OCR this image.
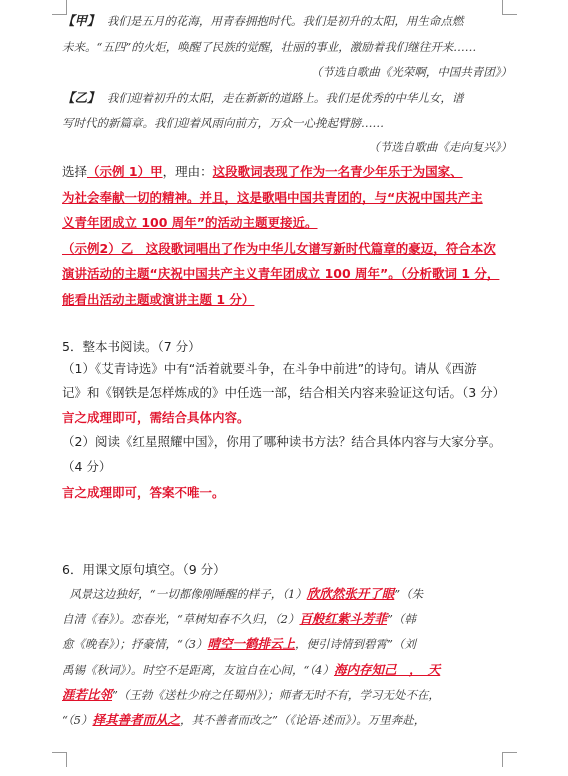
【甲】 我们是五月的花海，用青春拥抱时代。我们是初升的太阳，用生命点燃
未来。“五四”的火炬，唤醒了民族的觉醒，壮丽的事业，激励着我们继往开来……
（节选自歌曲《光荣啊，中国共青团》）
【乙】 我们迎着初升的太阳，走在新新的道路上。我们是优秀的中华儿女，谱
写时代的新篇章。我们迎着风雨向前方，万众一心挽起臂膀……
（节选自歌曲《走向复兴》）
选择（示例 1）甲，理由：这段歌词表现了作为一名青少年乐于为国家、
为社会奉献一切的精神。并且，这是歌唱中国共青团的，与“庆祝中国共产主
义青年团成立 100 周年”的活动主题更接近。
（示例2）乙　这段歌词唱出了作为中华儿女谱写新时代篇章的豪迈，符合本次
演讲活动的主题“庆祝中国共产主义青年团成立 100 周年”。（分析歌词 1 分，
能看出活动主题或演讲主题 1 分）
5．整本书阅读。（7 分）
（1）《艾青诗选》中有“活着就要斗争，在斗争中前进”的诗句。请从《西游
记》和《钢铁是怎样炼成的》中任选一部，结合相关内容来验证这句话。（3 分）
言之成理即可，需结合具体内容。
（2）阅读《红星照耀中国》，你用了哪种读书方法？结合具体内容与大家分享。
（4 分）
言之成理即可，答案不唯一。
6．用课文原句填空。（9 分）
风景这边独好，“一切都像刚睡醒的样子，（1）欣欣然张开了眼”（朱
自清《春》）。恋春光，“草树知春不久归，（2）百般红紫斗芳菲”（韩
愈《晚春》）；抒豪情，“（3）晴空一鹤排云上，便引诗情到碧霄”（刘
禹锡《秋词》）。时空不是距离，友谊自在心间，“（4）海内存知己　，　天
涯若比邻”（王勃《送杜少府之任蜀州》）；师者无时不有，学习无处不在，
“（5）择其善者而从之，其不善者而改之”（《论语·述而》）。万里奔赴，
